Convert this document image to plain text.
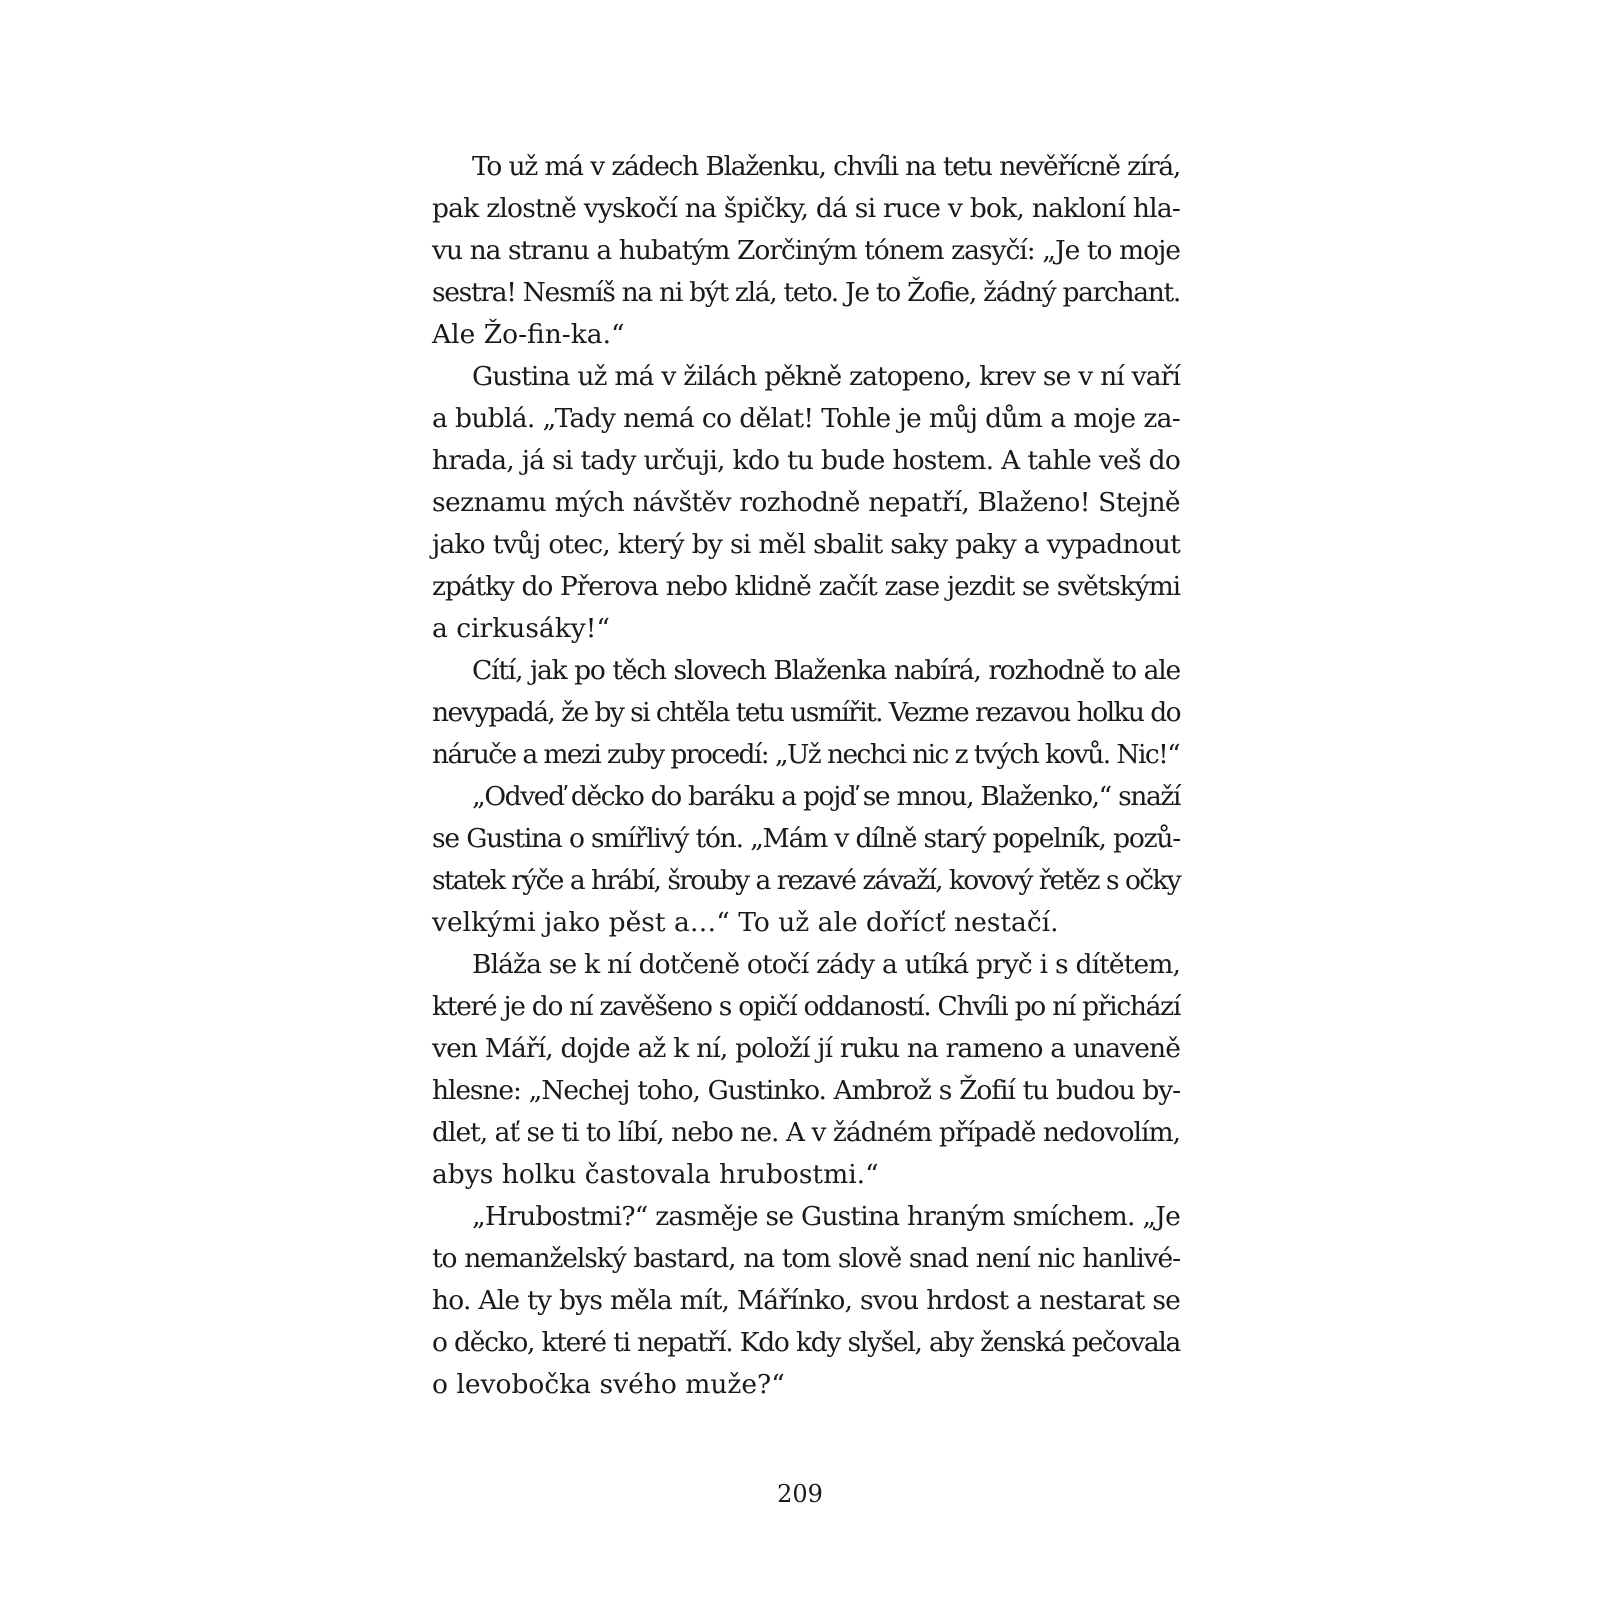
To už má v zádech Blaženku, chvíli na tetu nevěřícně zírá,
pak zlostně vyskočí na špičky, dá si ruce v bok, nakloní hla-
vu na stranu a hubatým Zorčiným tónem zasyčí: „Je to moje
sestra! Nesmíš na ni být zlá, teto. Je to Žofie, žádný parchant.
Ale Žo-fin-ka.“
Gustina už má v žilách pěkně zatopeno, krev se v ní vaří
a bublá. „Tady nemá co dělat! Tohle je můj dům a moje za-
hrada, já si tady určuji, kdo tu bude hostem. A tahle veš do
seznamu mých návštěv rozhodně nepatří, Blaženo! Stejně
jako tvůj otec, který by si měl sbalit saky paky a vypadnout
zpátky do Přerova nebo klidně začít zase jezdit se světskými
a cirkusáky!“
Cítí, jak po těch slovech Blaženka nabírá, rozhodně to ale
nevypadá, že by si chtěla tetu usmířit. Vezme rezavou holku do
náruče a mezi zuby procedí: „Už nechci nic z tvých kovů. Nic!“
„Odveď děcko do baráku a pojď se mnou, Blaženko,“ snaží
se Gustina o smířlivý tón. „Mám v dílně starý popelník, pozů-
statek rýče a hrábí, šrouby a rezavé závaží, kovový řetěz s očky
velkými jako pěst a…“ To už ale dořícť nestačí.
Bláža se k ní dotčeně otočí zády a utíká pryč i s dítětem,
které je do ní zavěšeno s opičí oddaností. Chvíli po ní přichází
ven Máří, dojde až k ní, položí jí ruku na rameno a unaveně
hlesne: „Nechej toho, Gustinko. Ambrož s Žofií tu budou by-
dlet, ať se ti to líbí, nebo ne. A v žádném případě nedovolím,
abys holku častovala hrubostmi.“
„Hrubostmi?“ zasměje se Gustina hraným smíchem. „Je
to nemanželský bastard, na tom slově snad není nic hanlivé-
ho. Ale ty bys měla mít, Mářínko, svou hrdost a nestarat se
o děcko, které ti nepatří. Kdo kdy slyšel, aby ženská pečovala
o levobočka svého muže?“
209
